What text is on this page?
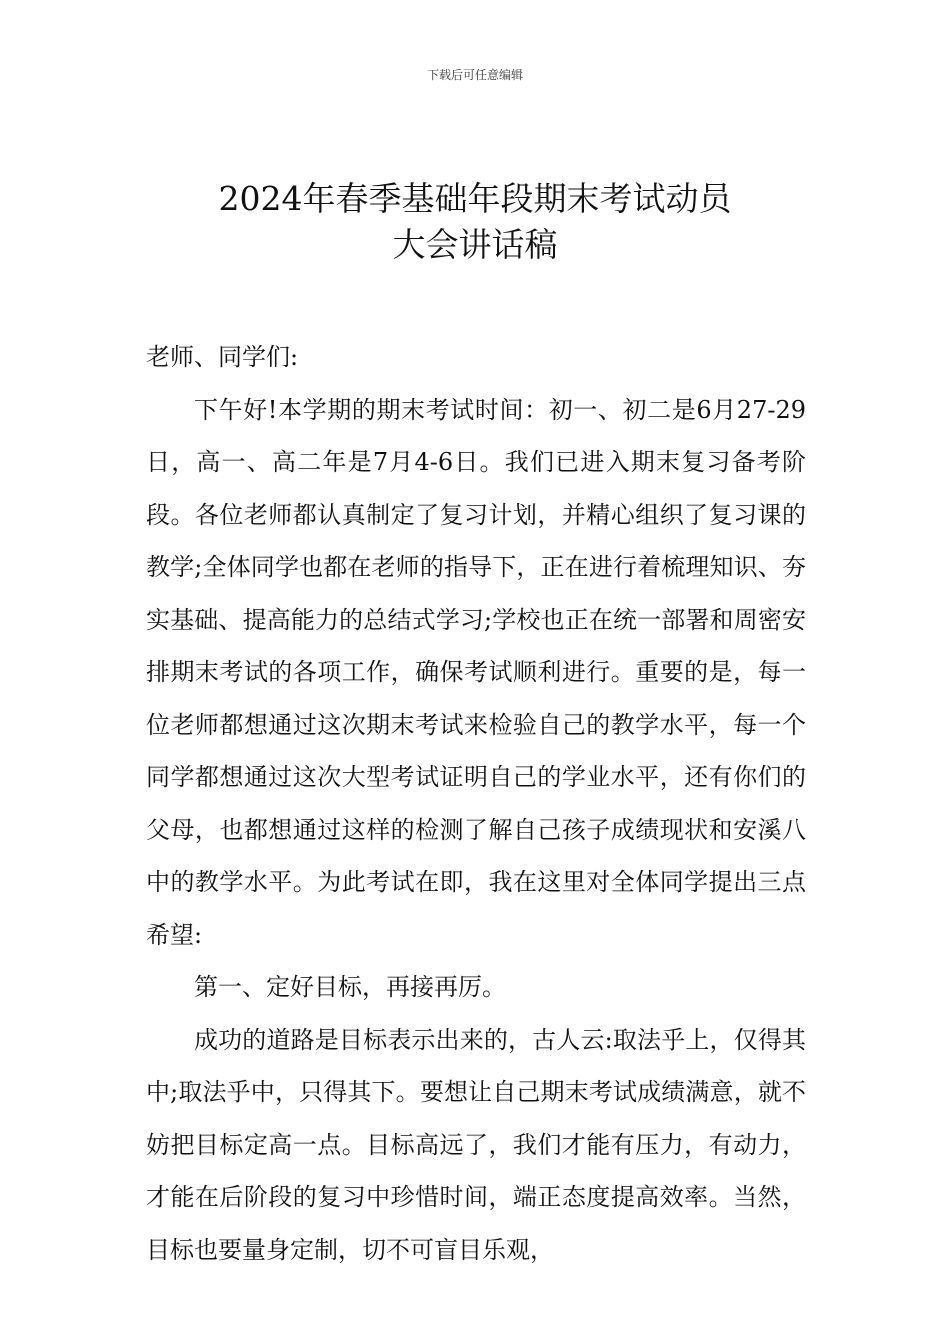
下载后可任意编辑
2024年春季基础年段期末考试动员
大会讲话稿

老师、同学们:

下午好!本学期的期末考试时间：初一、初二是6月27-29日，高一、高二年是7月4-6日。我们已进入期末复习备考阶段。各位老师都认真制定了复习计划，并精心组织了复习课的教学;全体同学也都在老师的指导下，正在进行着梳理知识、夯实基础、提高能力的总结式学习;学校也正在统一部署和周密安排期末考试的各项工作，确保考试顺利进行。重要的是，每一位老师都想通过这次期末考试来检验自己的教学水平，每一个同学都想通过这次大型考试证明自己的学业水平，还有你们的父母，也都想通过这样的检测了解自己孩子成绩现状和安溪八中的教学水平。为此考试在即，我在这里对全体同学提出三点希望:

第一、定好目标，再接再厉。

成功的道路是目标表示出来的，古人云:取法乎上，仅得其中;取法乎中，只得其下。要想让自己期末考试成绩满意，就不妨把目标定高一点。目标高远了，我们才能有压力，有动力，才能在后阶段的复习中珍惜时间，端正态度提高效率。当然，目标也要量身定制，切不可盲目乐观，
